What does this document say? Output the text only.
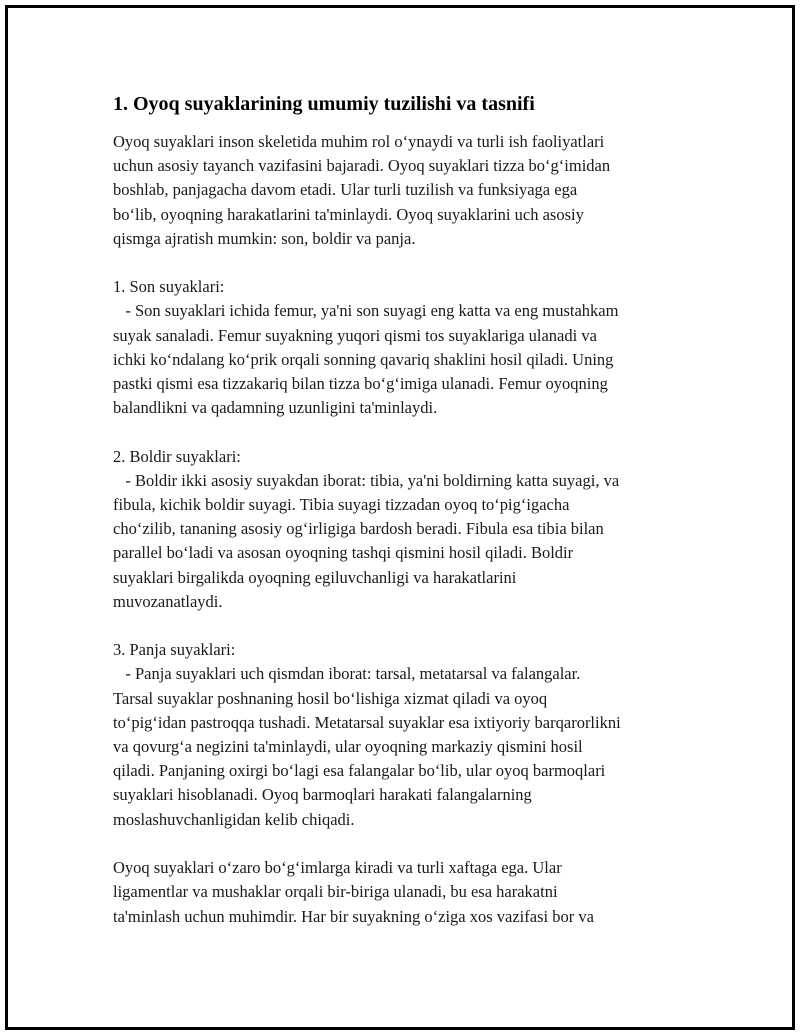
1. Oyoq suyaklarining umumiy tuzilishi va tasnifi

Oyoq suyaklari inson skeletida muhim rol o‘ynaydi va turli ish faoliyatlari
uchun asosiy tayanch vazifasini bajaradi. Oyoq suyaklari tizza bo‘g‘imidan
boshlab, panjagacha davom etadi. Ular turli tuzilish va funksiyaga ega
bo‘lib, oyoqning harakatlarini ta'minlaydi. Oyoq suyaklarini uch asosiy
qismga ajratish mumkin: son, boldir va panja.

1. Son suyaklari:
- Son suyaklari ichida femur, ya'ni son suyagi eng katta va eng mustahkam
suyak sanaladi. Femur suyakning yuqori qismi tos suyaklariga ulanadi va
ichki ko‘ndalang ko‘prik orqali sonning qavariq shaklini hosil qiladi. Uning
pastki qismi esa tizzakariq bilan tizza bo‘g‘imiga ulanadi. Femur oyoqning
balandlikni va qadamning uzunligini ta'minlaydi.

2. Boldir suyaklari:
- Boldir ikki asosiy suyakdan iborat: tibia, ya'ni boldirning katta suyagi, va
fibula, kichik boldir suyagi. Tibia suyagi tizzadan oyoq to‘pig‘igacha
cho‘zilib, tananing asosiy og‘irligiga bardosh beradi. Fibula esa tibia bilan
parallel bo‘ladi va asosan oyoqning tashqi qismini hosil qiladi. Boldir
suyaklari birgalikda oyoqning egiluvchanligi va harakatlarini
muvozanatlaydi.

3. Panja suyaklari:
- Panja suyaklari uch qismdan iborat: tarsal, metatarsal va falangalar.
Tarsal suyaklar poshnaning hosil bo‘lishiga xizmat qiladi va oyoq
to‘pig‘idan pastroqqa tushadi. Metatarsal suyaklar esa ixtiyoriy barqarorlikni
va qovurg‘a negizini ta'minlaydi, ular oyoqning markaziy qismini hosil
qiladi. Panjaning oxirgi bo‘lagi esa falangalar bo‘lib, ular oyoq barmoqlari
suyaklari hisoblanadi. Oyoq barmoqlari harakati falangalarning
moslashuvchanligidan kelib chiqadi.

Oyoq suyaklari o‘zaro bo‘g‘imlarga kiradi va turli xaftaga ega. Ular
ligamentlar va mushaklar orqali bir-biriga ulanadi, bu esa harakatni
ta'minlash uchun muhimdir. Har bir suyakning o‘ziga xos vazifasi bor va
